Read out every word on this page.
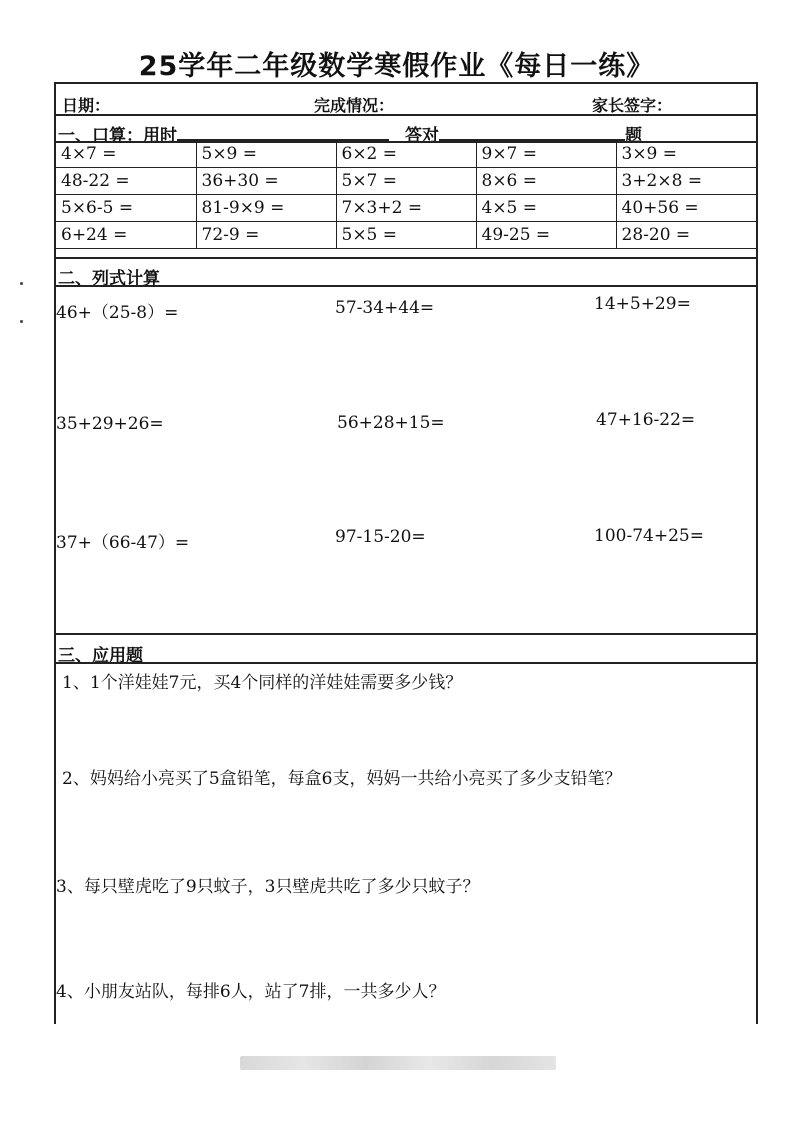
25学年二年级数学寒假作业《每日一练》
日期：	完成情况：	家长签字：
一、口算：用时	答对	题
4×7 =	5×9 =	6×2 =	9×7 =	3×9 =
48-22 =	36+30 =	5×7 =	8×6 =	3+2×8 =
5×6-5 =	81-9×9 =	7×3+2 =	4×5 =	40+56 =
6+24 =	72-9 =	5×5 =	49-25 =	28-20 =
二、列式计算
46+（25-8）=	57-34+44=	14+5+29=
35+29+26=	56+28+15=	47+16-22=
37+（66-47）=	97-15-20=	100-74+25=
三、应用题
1、1个洋娃娃7元，买4个同样的洋娃娃需要多少钱？
2、妈妈给小亮买了5盒铅笔，每盒6支，妈妈一共给小亮买了多少支铅笔？
3、每只壁虎吃了9只蚊子，3只壁虎共吃了多少只蚊子？
4、小朋友站队，每排6人，站了7排，一共多少人？
